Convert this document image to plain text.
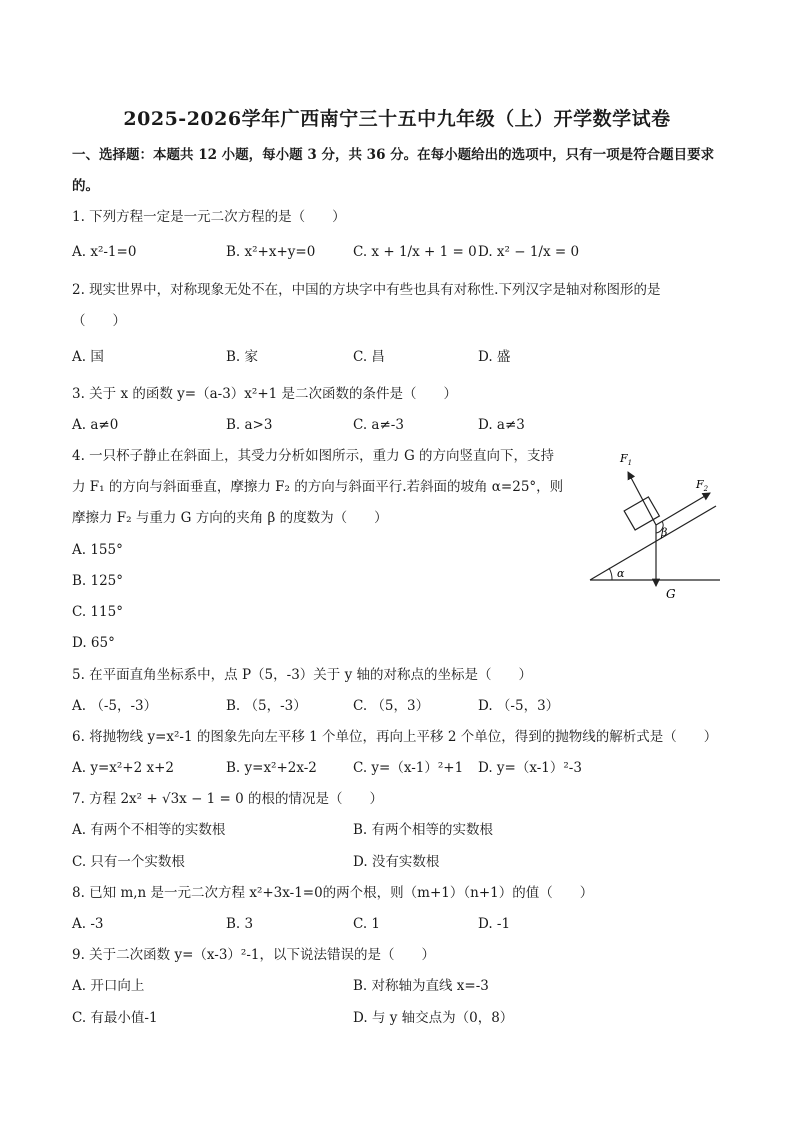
2025-2026学年广西南宁三十五中九年级（上）开学数学试卷
一、选择题：本题共 12 小题，每小题 3 分，共 36 分。在每小题给出的选项中，只有一项是符合题目要求
的。
1. 下列方程一定是一元二次方程的是（　　）
A. x²-1=0	B. x²+x+y=0	C. x + 1/x + 1 = 0 D. x² − 1/x = 0
2. 现实世界中，对称现象无处不在，中国的方块字中有些也具有对称性.下列汉字是轴对称图形的是
（　　）
A. 国	B. 家	C. 昌	D. 盛
3. 关于 x 的函数 y=（a-3）x²+1 是二次函数的条件是（　　）
A. a≠0	B. a>3	C. a≠-3	D. a≠3
4. 一只杯子静止在斜面上，其受力分析如图所示，重力 G 的方向竖直向下，支持
力 F₁ 的方向与斜面垂直，摩擦力 F₂ 的方向与斜面平行.若斜面的坡角 α=25°，则
摩擦力 F₂ 与重力 G 方向的夹角 β 的度数为（　　）
A. 155°
B. 125°
C. 115°
D. 65°
$F_1$
$F_2$
β
α
G
5. 在平面直角坐标系中，点 P（5，-3）关于 y 轴的对称点的坐标是（　　）
A. （-5，-3）	B. （5，-3）	C. （5，3）	D. （-5，3）
6. 将抛物线 y=x²-1 的图象先向左平移 1 个单位，再向上平移 2 个单位，得到的抛物线的解析式是（　　）
A. y=x²+2 x+2	B. y=x²+2x-2	C. y=（x-1）²+1 D. y=（x-1）²-3
7. 方程 2x² + √3x − 1 = 0 的根的情况是（　　）
A. 有两个不相等的实数根	B. 有两个相等的实数根
C. 只有一个实数根	D. 没有实数根
8. 已知 m,n 是一元二次方程 x²+3x-1=0的两个根，则（m+1）（n+1）的值（　　）
A. -3	B. 3	C. 1	D. -1
9. 关于二次函数 y=（x-3）²-1，以下说法错误的是（　　）
A. 开口向上	B. 对称轴为直线 x=-3
C. 有最小值-1	D. 与 y 轴交点为（0，8）
